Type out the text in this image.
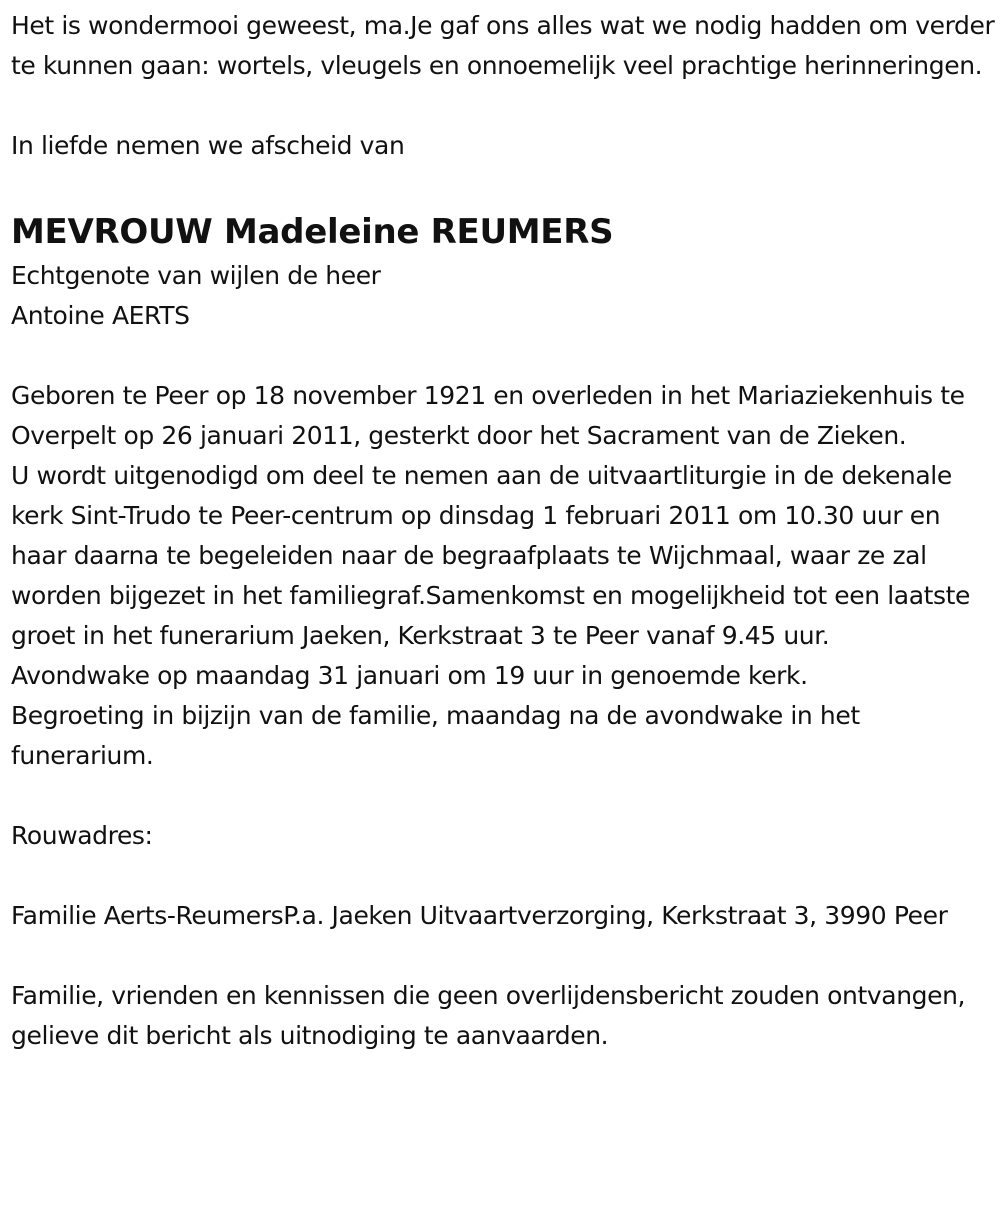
Het is wondermooi geweest, ma.Je gaf ons alles wat we nodig hadden om verder te kunnen gaan: wortels, vleugels en onnoemelijk veel prachtige herinneringen.

In liefde nemen we afscheid van

MEVROUW Madeleine REUMERS

Echtgenote van wijlen de heer

Antoine AERTS

Geboren te Peer op 18 november 1921 en overleden in het Mariaziekenhuis te Overpelt op 26 januari 2011, gesterkt door het Sacrament van de Zieken.

U wordt uitgenodigd om deel te nemen aan de uitvaartliturgie in de dekenale kerk Sint-Trudo te Peer-centrum op dinsdag 1 februari 2011 om 10.30 uur en haar daarna te begeleiden naar de begraafplaats te Wijchmaal, waar ze zal worden bijgezet in het familiegraf.Samenkomst en mogelijkheid tot een laatste groet in het funerarium Jaeken, Kerkstraat 3 te Peer vanaf 9.45 uur.

Avondwake op maandag 31 januari om 19 uur in genoemde kerk.

Begroeting in bijzijn van de familie, maandag na de avondwake in het funerarium.

Rouwadres:

Familie Aerts-ReumersP.a. Jaeken Uitvaartverzorging, Kerkstraat 3, 3990 Peer

Familie, vrienden en kennissen die geen overlijdensbericht zouden ontvangen, gelieve dit bericht als uitnodiging te aanvaarden.
